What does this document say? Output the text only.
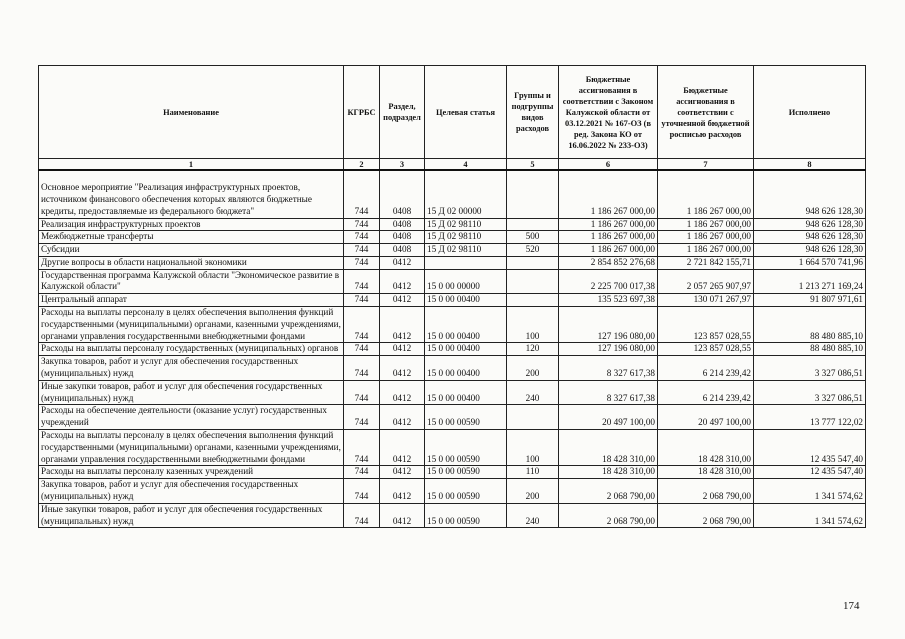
Наименование	КГРБС	Раздел, подраздел	Целевая статья	Группы и подгруппы видов расходов	Бюджетные ассигнования в соответствии с Законом Калужской области от 03.12.2021 № 167-ОЗ (в ред. Закона КО от 16.06.2022 № 233-ОЗ)	Бюджетные ассигнования в соответствии с уточненной бюджетной росписью расходов	Исполнено
1	2	3	4	5	6	7	8
Основное мероприятие "Реализация инфраструктурных проектов, источником финансового обеспечения которых являются бюджетные кредиты, предоставляемые из федерального бюджета"	744	0408	15 Д 02 00000		1 186 267 000,00	1 186 267 000,00	948 626 128,30
Реализация инфраструктурных проектов	744	0408	15 Д 02 98110		1 186 267 000,00	1 186 267 000,00	948 626 128,30
Межбюджетные трансферты	744	0408	15 Д 02 98110	500	1 186 267 000,00	1 186 267 000,00	948 626 128,30
Субсидии	744	0408	15 Д 02 98110	520	1 186 267 000,00	1 186 267 000,00	948 626 128,30
Другие вопросы в области национальной экономики	744	0412			2 854 852 276,68	2 721 842 155,71	1 664 570 741,96
Государственная программа Калужской области "Экономическое развитие в Калужской области"	744	0412	15 0 00 00000		2 225 700 017,38	2 057 265 907,97	1 213 271 169,24
Центральный аппарат	744	0412	15 0 00 00400		135 523 697,38	130 071 267,97	91 807 971,61
Расходы на выплаты персоналу в целях обеспечения выполнения функций государственными (муниципальными) органами, казенными учреждениями, органами управления государственными внебюджетными фондами	744	0412	15 0 00 00400	100	127 196 080,00	123 857 028,55	88 480 885,10
Расходы на выплаты персоналу государственных (муниципальных) органов	744	0412	15 0 00 00400	120	127 196 080,00	123 857 028,55	88 480 885,10
Закупка товаров, работ и услуг для обеспечения государственных (муниципальных) нужд	744	0412	15 0 00 00400	200	8 327 617,38	6 214 239,42	3 327 086,51
Иные закупки товаров, работ и услуг для обеспечения государственных (муниципальных) нужд	744	0412	15 0 00 00400	240	8 327 617,38	6 214 239,42	3 327 086,51
Расходы на обеспечение деятельности (оказание услуг) государственных учреждений	744	0412	15 0 00 00590		20 497 100,00	20 497 100,00	13 777 122,02
Расходы на выплаты персоналу в целях обеспечения выполнения функций государственными (муниципальными) органами, казенными учреждениями, органами управления государственными внебюджетными фондами	744	0412	15 0 00 00590	100	18 428 310,00	18 428 310,00	12 435 547,40
Расходы на выплаты персоналу казенных учреждений	744	0412	15 0 00 00590	110	18 428 310,00	18 428 310,00	12 435 547,40
Закупка товаров, работ и услуг для обеспечения государственных (муниципальных) нужд	744	0412	15 0 00 00590	200	2 068 790,00	2 068 790,00	1 341 574,62
Иные закупки товаров, работ и услуг для обеспечения государственных (муниципальных) нужд	744	0412	15 0 00 00590	240	2 068 790,00	2 068 790,00	1 341 574,62
174
